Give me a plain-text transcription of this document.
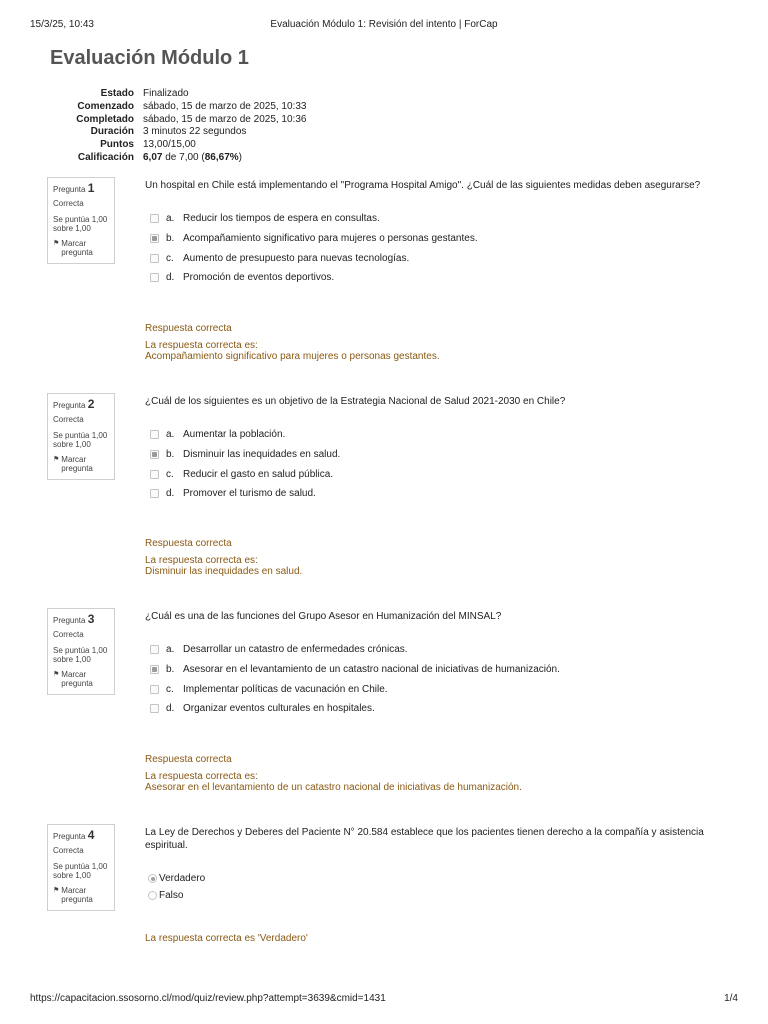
15/3/25, 10:43	Evaluación Módulo 1: Revisión del intento | ForCap
Evaluación Módulo 1
Estado	Finalizado
Comenzado	sábado, 15 de marzo de 2025, 10:33
Completado	sábado, 15 de marzo de 2025, 10:36
Duración	3 minutos 22 segundos
Puntos	13,00/15,00
Calificación	6,07 de 7,00 (86,67%)
Pregunta 1
Correcta
Se puntúa 1,00 sobre 1,00
⚑ Marcar pregunta
Un hospital en Chile está implementando el "Programa Hospital Amigo". ¿Cuál de las siguientes medidas deben asegurarse?
a. Reducir los tiempos de espera en consultas.
b. Acompañamiento significativo para mujeres o personas gestantes.
c. Aumento de presupuesto para nuevas tecnologías.
d. Promoción de eventos deportivos.
Respuesta correcta
La respuesta correcta es:
Acompañamiento significativo para mujeres o personas gestantes.
Pregunta 2
Correcta
Se puntúa 1,00 sobre 1,00
⚑ Marcar pregunta
¿Cuál de los siguientes es un objetivo de la Estrategia Nacional de Salud 2021-2030 en Chile?
a. Aumentar la población.
b. Disminuir las inequidades en salud.
c. Reducir el gasto en salud pública.
d. Promover el turismo de salud.
Respuesta correcta
La respuesta correcta es:
Disminuir las inequidades en salud.
Pregunta 3
Correcta
Se puntúa 1,00 sobre 1,00
⚑ Marcar pregunta
¿Cuál es una de las funciones del Grupo Asesor en Humanización del MINSAL?
a. Desarrollar un catastro de enfermedades crónicas.
b. Asesorar en el levantamiento de un catastro nacional de iniciativas de humanización.
c. Implementar políticas de vacunación en Chile.
d. Organizar eventos culturales en hospitales.
Respuesta correcta
La respuesta correcta es:
Asesorar en el levantamiento de un catastro nacional de iniciativas de humanización.
Pregunta 4
Correcta
Se puntúa 1,00 sobre 1,00
⚑ Marcar pregunta
La Ley de Derechos y Deberes del Paciente N° 20.584 establece que los pacientes tienen derecho a la compañía y asistencia espiritual.
Verdadero
Falso
La respuesta correcta es 'Verdadero'
https://capacitacion.ssosorno.cl/mod/quiz/review.php?attempt=3639&cmid=1431	1/4
